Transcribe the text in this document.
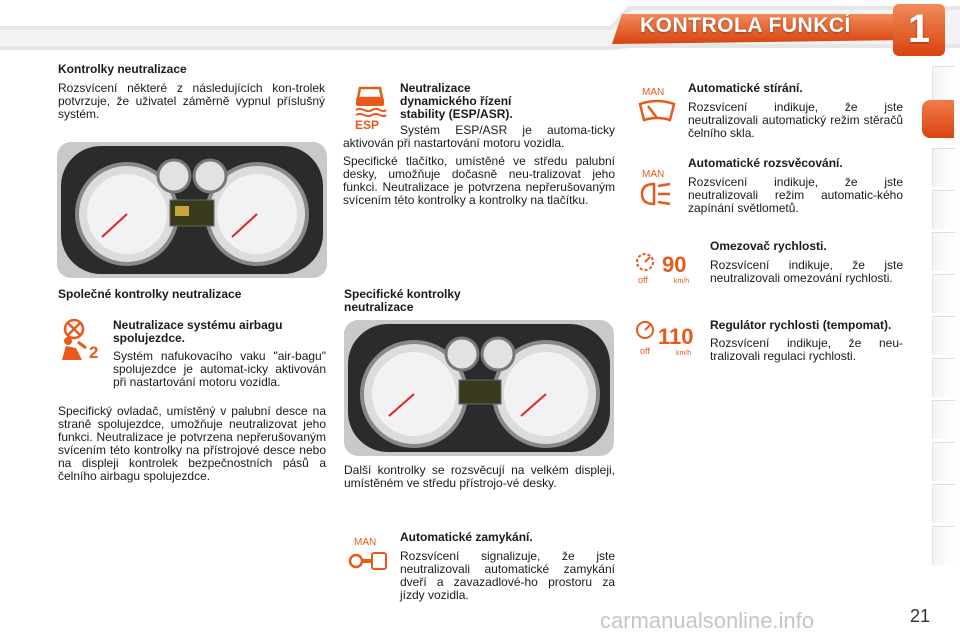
KONTROLA FUNKCÍ 1
Kontrolky neutralizace
Rozsvícení některé z následujících kon-trolek potvrzuje, že uživatel záměrně vypnul příslušný systém.
Společné kontrolky neutralizace
2
Neutralizace systému airbagu spolujezdce.
Systém nafukovacího vaku "air-bagu" spolujezdce je automat-icky aktivován při nastartování motoru vozidla.
Specifický ovladač, umístěný v palubní desce na straně spolujezdce, umožňuje neutralizovat jeho funkci. Neutralizace je potvrzena nepřerušovaným svícením této kontrolky na přístrojové desce nebo na displeji kontrolek bezpečnostních pásů a čelního airbagu spolujezdce.
ESP
Neutralizace dynamického řízení stability (ESP/ASR).
Systém ESP/ASR je automa-ticky aktivován při nastartování motoru vozidla.
Specifické tlačítko, umístěné ve středu palubní desky, umožňuje dočasně neu-tralizovat jeho funkci. Neutralizace je potvrzena nepřerušovaným svícením této kontrolky a kontrolky na tlačítku.
Specifické kontrolky neutralizace
Další kontrolky se rozsvěcují na velkém displeji, umístěném ve středu přístrojo-vé desky.
MAN Automatické zamykání.
Rozsvícení signalizuje, že jste neutralizovali automatické zamykání dveří a zavazadlové-ho prostoru za jízdy vozidla.
MAN Automatické stírání.
Rozsvícení indikuje, že jste neutralizovali automatický režim stěračů čelního skla.
MAN
Automatické rozsvěcování.
Rozsvícení indikuje, že jste neutralizovali režim automatic-kého zapínání světlometů.
off
90
km/h
Omezovač rychlosti.
Rozsvícení indikuje, že jste neutralizovali omezování rychlosti.
off
110
km/h
Regulátor rychlosti (tempomat).
Rozsvícení indikuje, že neu-tralizovali regulaci rychlosti.
carmanualsonline.info	21
